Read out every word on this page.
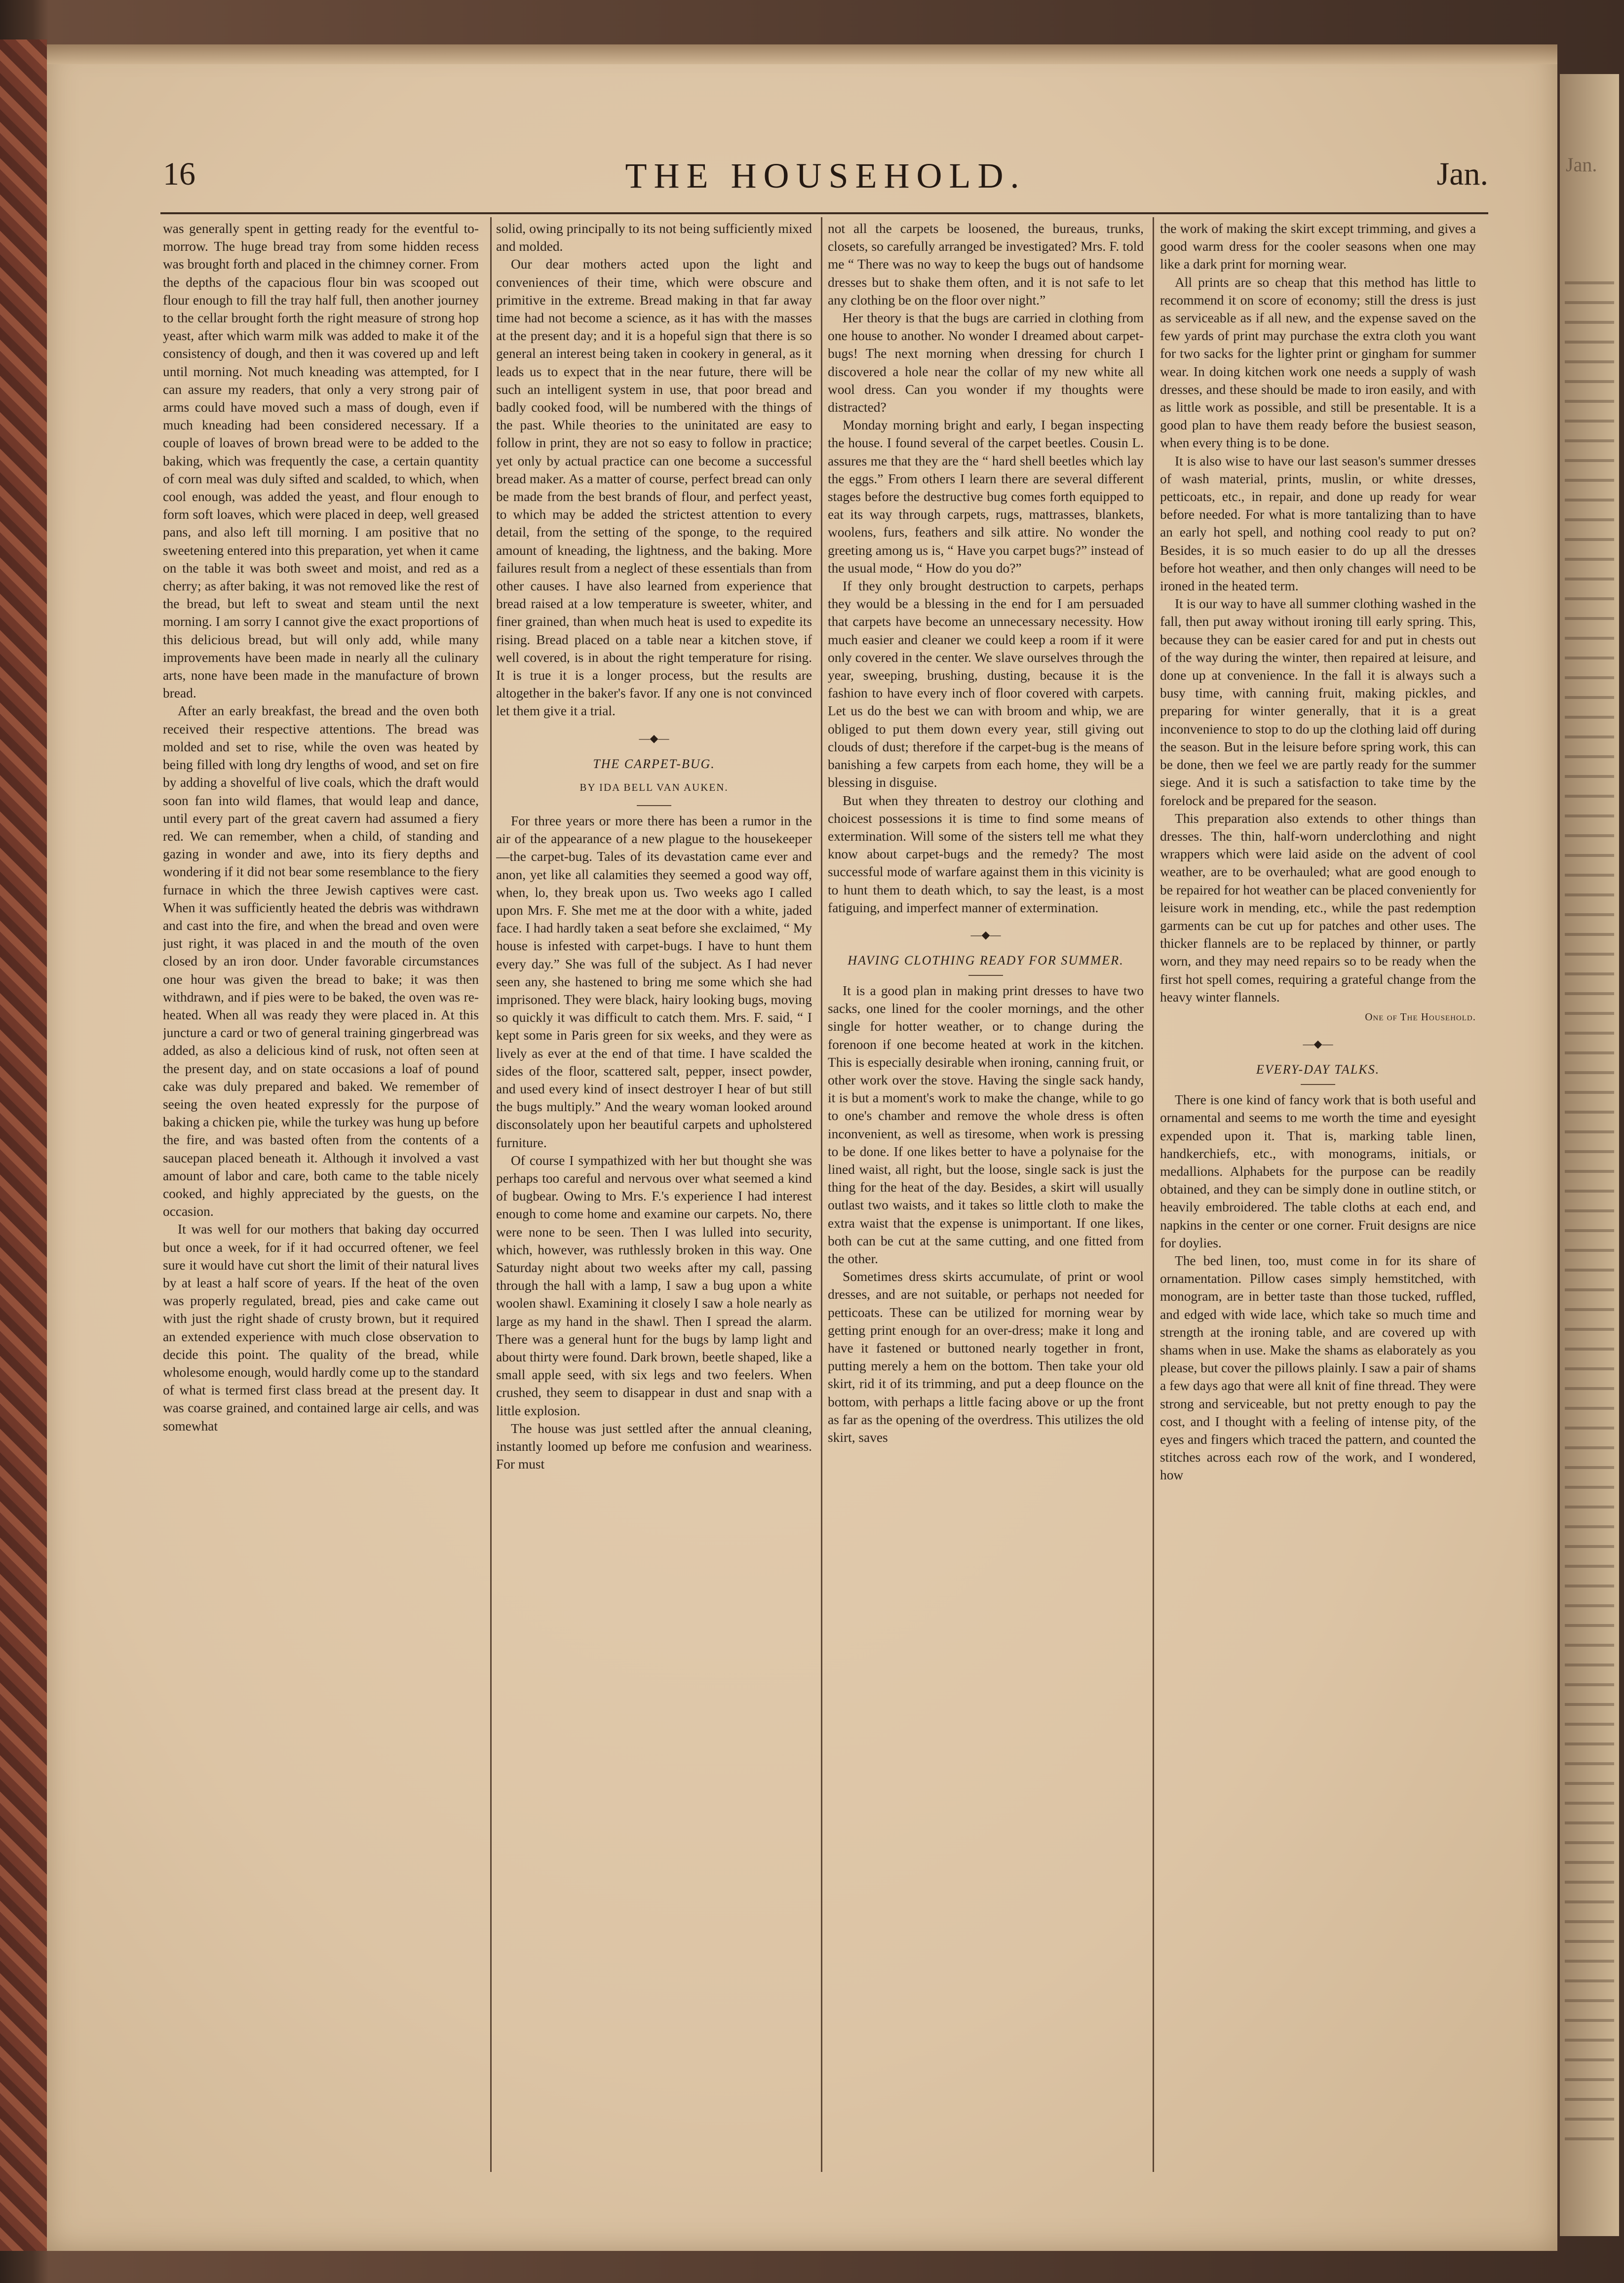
Jan.
16	THE HOUSEHOLD.	Jan.

was generally spent in getting ready for the eventful to-morrow. The huge bread tray from some hidden recess was brought forth and placed in the chimney corner. From the depths of the capacious flour bin was scooped out flour enough to fill the tray half full, then another journey to the cellar brought forth the right measure of strong hop yeast, after which warm milk was added to make it of the consistency of dough, and then it was covered up and left until morning. Not much kneading was attempted, for I can assure my readers, that only a very strong pair of arms could have moved such a mass of dough, even if much kneading had been considered necessary. If a couple of loaves of brown bread were to be added to the baking, which was frequently the case, a certain quantity of corn meal was duly sifted and scalded, to which, when cool enough, was added the yeast, and flour enough to form soft loaves, which were placed in deep, well greased pans, and also left till morning. I am positive that no sweetening entered into this preparation, yet when it came on the table it was both sweet and moist, and red as a cherry; as after baking, it was not removed like the rest of the bread, but left to sweat and steam until the next morning. I am sorry I cannot give the exact proportions of this delicious bread, but will only add, while many improvements have been made in nearly all the culinary arts, none have been made in the manufacture of brown bread.

After an early breakfast, the bread and the oven both received their respective attentions. The bread was molded and set to rise, while the oven was heated by being filled with long dry lengths of wood, and set on fire by adding a shovelful of live coals, which the draft would soon fan into wild flames, that would leap and dance, until every part of the great cavern had assumed a fiery red. We can remember, when a child, of standing and gazing in wonder and awe, into its fiery depths and wondering if it did not bear some resemblance to the fiery furnace in which the three Jewish captives were cast. When it was sufficiently heated the debris was withdrawn and cast into the fire, and when the bread and oven were just right, it was placed in and the mouth of the oven closed by an iron door. Under favorable circumstances one hour was given the bread to bake; it was then withdrawn, and if pies were to be baked, the oven was re-heated. When all was ready they were placed in. At this juncture a card or two of general training gingerbread was added, as also a delicious kind of rusk, not often seen at the present day, and on state occasions a loaf of pound cake was duly prepared and baked. We remember of seeing the oven heated expressly for the purpose of baking a chicken pie, while the turkey was hung up before the fire, and was basted often from the contents of a saucepan placed beneath it. Although it involved a vast amount of labor and care, both came to the table nicely cooked, and highly appreciated by the guests, on the occasion.

It was well for our mothers that baking day occurred but once a week, for if it had occurred oftener, we feel sure it would have cut short the limit of their natural lives by at least a half score of years. If the heat of the oven was properly regulated, bread, pies and cake came out with just the right shade of crusty brown, but it required an extended experience with much close observation to decide this point. The quality of the bread, while wholesome enough, would hardly come up to the standard of what is termed first class bread at the present day. It was coarse grained, and contained large air cells, and was somewhat

solid, owing principally to its not being sufficiently mixed and molded.

Our dear mothers acted upon the light and conveniences of their time, which were obscure and primitive in the extreme. Bread making in that far away time had not become a science, as it has with the masses at the present day; and it is a hopeful sign that there is so general an interest being taken in cookery in general, as it leads us to expect that in the near future, there will be such an intelligent system in use, that poor bread and badly cooked food, will be numbered with the things of the past. While theories to the uninitated are easy to follow in print, they are not so easy to follow in practice; yet only by actual practice can one become a successful bread maker. As a matter of course, perfect bread can only be made from the best brands of flour, and perfect yeast, to which may be added the strictest attention to every detail, from the setting of the sponge, to the required amount of kneading, the lightness, and the baking. More failures result from a neglect of these essentials than from other causes. I have also learned from experience that bread raised at a low temperature is sweeter, whiter, and finer grained, than when much heat is used to expedite its rising. Bread placed on a table near a kitchen stove, if well covered, is in about the right temperature for rising. It is true it is a longer process, but the results are altogether in the baker's favor. If any one is not convinced let them give it a trial.

—◆—
THE CARPET-BUG.
BY IDA BELL VAN AUKEN.

For three years or more there has been a rumor in the air of the appearance of a new plague to the housekeeper—the carpet-bug. Tales of its devastation came ever and anon, yet like all calamities they seemed a good way off, when, lo, they break upon us. Two weeks ago I called upon Mrs. F. She met me at the door with a white, jaded face. I had hardly taken a seat before she exclaimed, “ My house is infested with carpet-bugs. I have to hunt them every day.” She was full of the subject. As I had never seen any, she hastened to bring me some which she had imprisoned. They were black, hairy looking bugs, moving so quickly it was difficult to catch them. Mrs. F. said, “ I kept some in Paris green for six weeks, and they were as lively as ever at the end of that time. I have scalded the sides of the floor, scattered salt, pepper, insect powder, and used every kind of insect destroyer I hear of but still the bugs multiply.” And the weary woman looked around disconsolately upon her beautiful carpets and upholstered furniture.

Of course I sympathized with her but thought she was perhaps too careful and nervous over what seemed a kind of bugbear. Owing to Mrs. F.'s experience I had interest enough to come home and examine our carpets. No, there were none to be seen. Then I was lulled into security, which, however, was ruthlessly broken in this way. One Saturday night about two weeks after my call, passing through the hall with a lamp, I saw a bug upon a white woolen shawl. Examining it closely I saw a hole nearly as large as my hand in the shawl. Then I spread the alarm. There was a general hunt for the bugs by lamp light and about thirty were found. Dark brown, beetle shaped, like a small apple seed, with six legs and two feelers. When crushed, they seem to disappear in dust and snap with a little explosion.

The house was just settled after the annual cleaning, instantly loomed up before me confusion and weariness. For must

not all the carpets be loosened, the bureaus, trunks, closets, so carefully arranged be investigated? Mrs. F. told me “ There was no way to keep the bugs out of handsome dresses but to shake them often, and it is not safe to let any clothing be on the floor over night.”

Her theory is that the bugs are carried in clothing from one house to another. No wonder I dreamed about carpet-bugs! The next morning when dressing for church I discovered a hole near the collar of my new white all wool dress. Can you wonder if my thoughts were distracted?

Monday morning bright and early, I began inspecting the house. I found several of the carpet beetles. Cousin L. assures me that they are the “ hard shell beetles which lay the eggs.” From others I learn there are several different stages before the destructive bug comes forth equipped to eat its way through carpets, rugs, mattrasses, blankets, woolens, furs, feathers and silk attire. No wonder the greeting among us is, “ Have you carpet bugs?” instead of the usual mode, “ How do you do?”

If they only brought destruction to carpets, perhaps they would be a blessing in the end for I am persuaded that carpets have become an unnecessary necessity. How much easier and cleaner we could keep a room if it were only covered in the center. We slave ourselves through the year, sweeping, brushing, dusting, because it is the fashion to have every inch of floor covered with carpets. Let us do the best we can with broom and whip, we are obliged to put them down every year, still giving out clouds of dust; therefore if the carpet-bug is the means of banishing a few carpets from each home, they will be a blessing in disguise.

But when they threaten to destroy our clothing and choicest possessions it is time to find some means of extermination. Will some of the sisters tell me what they know about carpet-bugs and the remedy? The most successful mode of warfare against them in this vicinity is to hunt them to death which, to say the least, is a most fatiguing, and imperfect manner of extermination.

—◆—
HAVING CLOTHING READY FOR SUMMER.

It is a good plan in making print dresses to have two sacks, one lined for the cooler mornings, and the other single for hotter weather, or to change during the forenoon if one become heated at work in the kitchen. This is especially desirable when ironing, canning fruit, or other work over the stove. Having the single sack handy, it is but a moment's work to make the change, while to go to one's chamber and remove the whole dress is often inconvenient, as well as tiresome, when work is pressing to be done. If one likes better to have a polynaise for the lined waist, all right, but the loose, single sack is just the thing for the heat of the day. Besides, a skirt will usually outlast two waists, and it takes so little cloth to make the extra waist that the expense is unimportant. If one likes, both can be cut at the same cutting, and one fitted from the other.

Sometimes dress skirts accumulate, of print or wool dresses, and are not suitable, or perhaps not needed for petticoats. These can be utilized for morning wear by getting print enough for an over-dress; make it long and have it fastened or buttoned nearly together in front, putting merely a hem on the bottom. Then take your old skirt, rid it of its trimming, and put a deep flounce on the bottom, with perhaps a little facing above or up the front as far as the opening of the overdress. This utilizes the old skirt, saves

the work of making the skirt except trimming, and gives a good warm dress for the cooler seasons when one may like a dark print for morning wear.

All prints are so cheap that this method has little to recommend it on score of economy; still the dress is just as serviceable as if all new, and the expense saved on the few yards of print may purchase the extra cloth you want for two sacks for the lighter print or gingham for summer wear. In doing kitchen work one needs a supply of wash dresses, and these should be made to iron easily, and with as little work as possible, and still be presentable. It is a good plan to have them ready before the busiest season, when every thing is to be done.

It is also wise to have our last season's summer dresses of wash material, prints, muslin, or white dresses, petticoats, etc., in repair, and done up ready for wear before needed. For what is more tantalizing than to have an early hot spell, and nothing cool ready to put on? Besides, it is so much easier to do up all the dresses before hot weather, and then only changes will need to be ironed in the heated term.

It is our way to have all summer clothing washed in the fall, then put away without ironing till early spring. This, because they can be easier cared for and put in chests out of the way during the winter, then repaired at leisure, and done up at convenience. In the fall it is always such a busy time, with canning fruit, making pickles, and preparing for winter generally, that it is a great inconvenience to stop to do up the clothing laid off during the season. But in the leisure before spring work, this can be done, then we feel we are partly ready for the summer siege. And it is such a satisfaction to take time by the forelock and be prepared for the season.

This preparation also extends to other things than dresses. The thin, half-worn underclothing and night wrappers which were laid aside on the advent of cool weather, are to be overhauled; what are good enough to be repaired for hot weather can be placed conveniently for leisure work in mending, etc., while the past redemption garments can be cut up for patches and other uses. The thicker flannels are to be replaced by thinner, or partly worn, and they may need repairs so to be ready when the first hot spell comes, requiring a grateful change from the heavy winter flannels.

One of The Household.
—◆—
EVERY-DAY TALKS.

There is one kind of fancy work that is both useful and ornamental and seems to me worth the time and eyesight expended upon it. That is, marking table linen, handkerchiefs, etc., with monograms, initials, or medallions. Alphabets for the purpose can be readily obtained, and they can be simply done in outline stitch, or heavily embroidered. The table cloths at each end, and napkins in the center or one corner. Fruit designs are nice for doylies.

The bed linen, too, must come in for its share of ornamentation. Pillow cases simply hemstitched, with monogram, are in better taste than those tucked, ruffled, and edged with wide lace, which take so much time and strength at the ironing table, and are covered up with shams when in use. Make the shams as elaborately as you please, but cover the pillows plainly. I saw a pair of shams a few days ago that were all knit of fine thread. They were strong and serviceable, but not pretty enough to pay the cost, and I thought with a feeling of intense pity, of the eyes and fingers which traced the pattern, and counted the stitches across each row of the work, and I wondered, how
